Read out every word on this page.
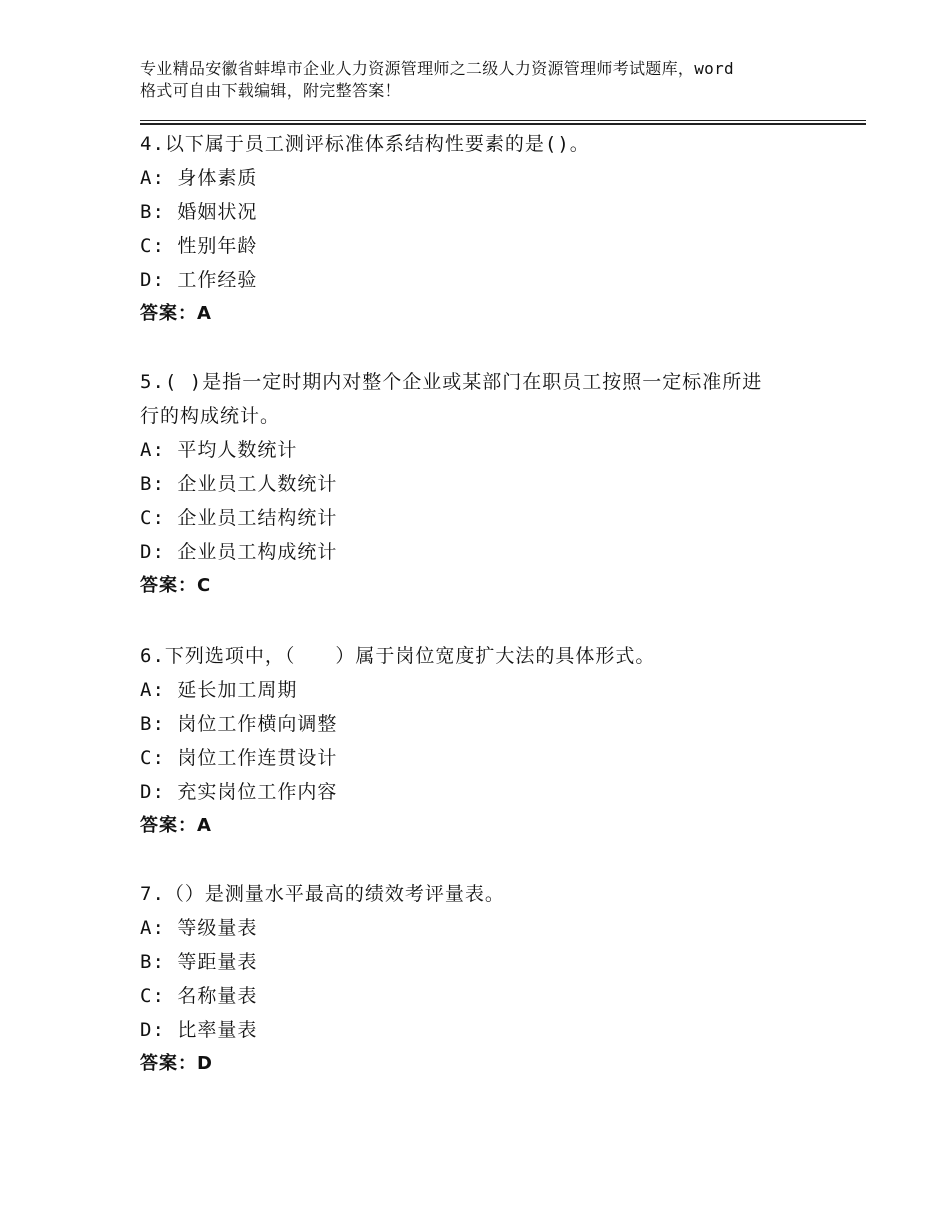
专业精品安徽省蚌埠市企业人力资源管理师之二级人力资源管理师考试题库，word
格式可自由下载编辑，附完整答案！
4.以下属于员工测评标准体系结构性要素的是()。
A: 身体素质
B: 婚姻状况
C: 性别年龄
D: 工作经验
答案：A
5.( )是指一定时期内对整个企业或某部门在职员工按照一定标准所进
行的构成统计。
A: 平均人数统计
B: 企业员工人数统计
C: 企业员工结构统计
D: 企业员工构成统计
答案：C
6.下列选项中，（　　）属于岗位宽度扩大法的具体形式。
A: 延长加工周期
B: 岗位工作横向调整
C: 岗位工作连贯设计
D: 充实岗位工作内容
答案：A
7.（）是测量水平最高的绩效考评量表。
A: 等级量表
B: 等距量表
C: 名称量表
D: 比率量表
答案：D
